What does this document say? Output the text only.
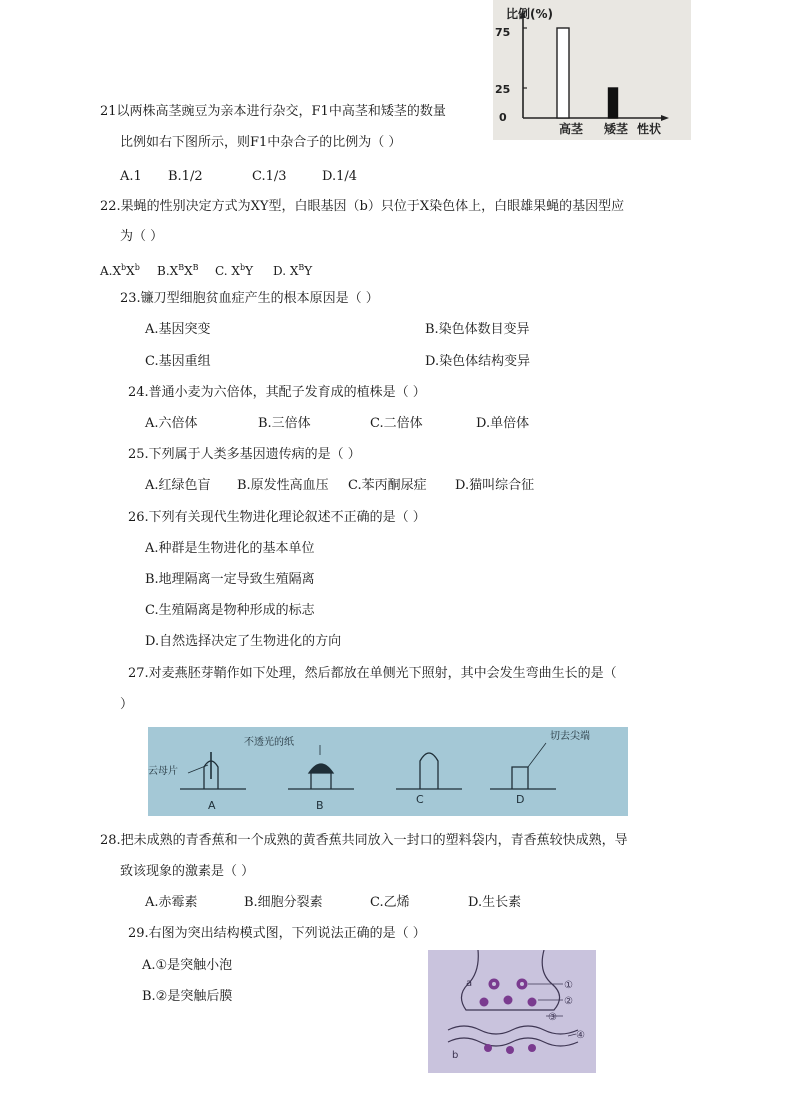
比例(%)
75
25
0
高茎 矮茎 性状
21以两株高茎豌豆为亲本进行杂交，F1中高茎和矮茎的数量
比例如右下图所示，则F1中杂合子的比例为（ ）
A.1 B.1/2	C.1/3	D.1/4
22.果蝇的性别决定方式为XY型，白眼基因（b）只位于X染色体上，白眼雄果蝇的基因型应
为（ ）
$A.X^bX^b$ $B.X^BX^B$ C. $X^bY$ D. $X^BY$
23.镰刀型细胞贫血症产生的根本原因是（ ）
A.基因突变	B.染色体数目变异
C.基因重组	D.染色体结构变异
24.普通小麦为六倍体，其配子发育成的植株是（ ）
A.六倍体	B.三倍体	C.二倍体	D.单倍体
25.下列属于人类多基因遗传病的是（ ）
A.红绿色盲 B.原发性高血压 C.苯丙酮尿症 D.猫叫综合征
26.下列有关现代生物进化理论叙述不正确的是（ ）
A.种群是生物进化的基本单位
B.地理隔离一定导致生殖隔离
C.生殖隔离是物种形成的标志
D.自然选择决定了生物进化的方向
27.对麦燕胚芽鞘作如下处理，然后都放在单侧光下照射，其中会发生弯曲生长的是（
）
云母片
不透光的纸
切去尖端
A	B	C	D
28.把未成熟的青香蕉和一个成熟的黄香蕉共同放入一封口的塑料袋内，青香蕉较快成熟，导
致该现象的激素是（ ）
A.赤霉素	B.细胞分裂素	C.乙烯	D.生长素
29.右图为突出结构模式图，下列说法正确的是（ ）
A.①是突触小泡
B.②是突触后膜
a
b
①
②
③
④
